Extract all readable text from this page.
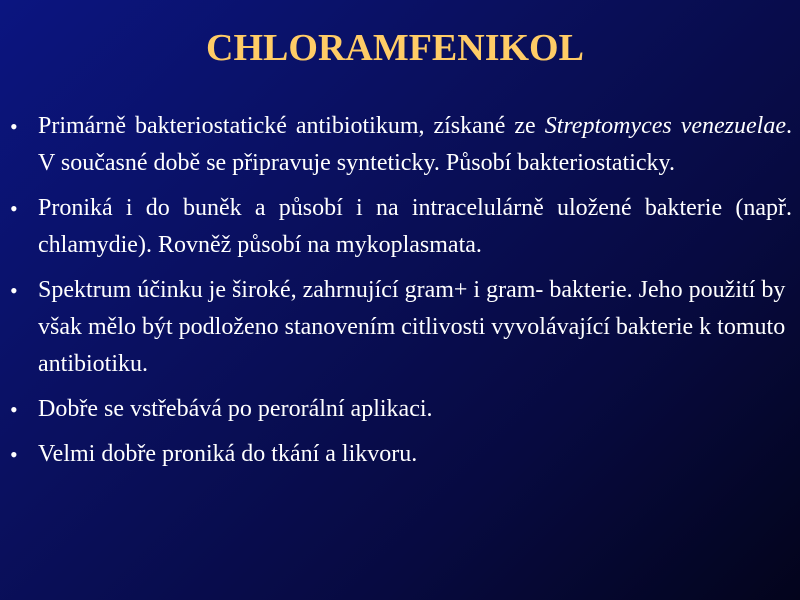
CHLORAMFENIKOL
• Primárně bakteriostatické antibiotikum, získané ze Streptomyces venezuelae. V současné době se připravuje synteticky. Působí bakteriostaticky.
• Proniká i do buněk a působí i na intracelulárně uložené bakterie (např. chlamydie). Rovněž působí na mykoplasmata.
• Spektrum účinku je široké, zahrnující gram+ i gram- bakterie. Jeho použití by však mělo být podloženo stanovením citlivosti vyvolávající bakterie k tomuto antibiotiku.
• Dobře se vstřebává po perorální aplikaci.
• Velmi dobře proniká do tkání a likvoru.
